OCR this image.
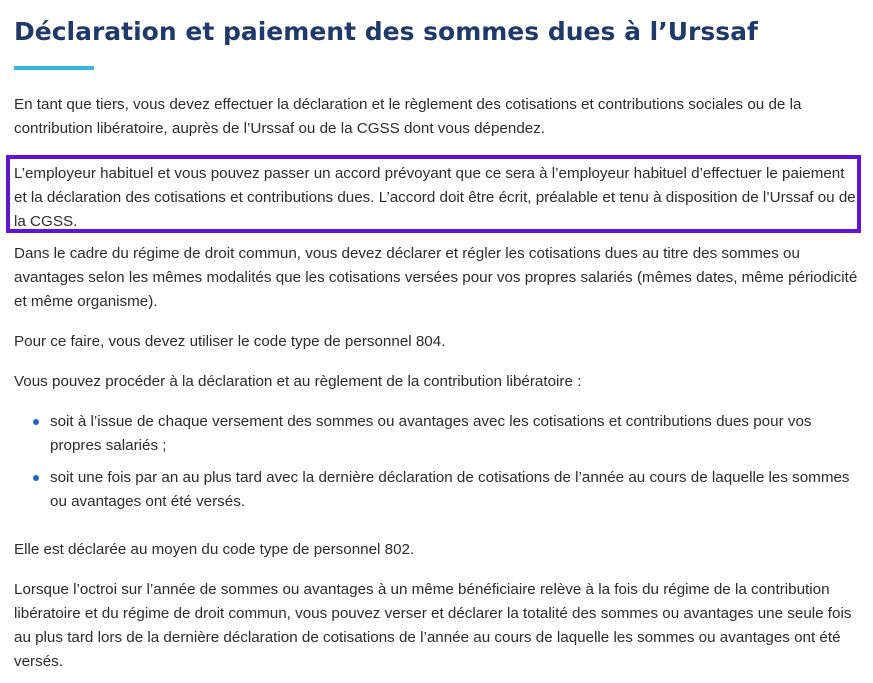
Déclaration et paiement des sommes dues à l’Urssaf

En tant que tiers, vous devez effectuer la déclaration et le règlement des cotisations et contributions sociales ou de la contribution libératoire, auprès de l’Urssaf ou de la CGSS dont vous dépendez.

L’employeur habituel et vous pouvez passer un accord prévoyant que ce sera à l’employeur habituel d’effectuer le paiement et la déclaration des cotisations et contributions dues. L’accord doit être écrit, préalable et tenu à disposition de l’Urssaf ou de la CGSS.

Dans le cadre du régime de droit commun, vous devez déclarer et régler les cotisations dues au titre des sommes ou avantages selon les mêmes modalités que les cotisations versées pour vos propres salariés (mêmes dates, même périodicité et même organisme).

Pour ce faire, vous devez utiliser le code type de personnel 804.

Vous pouvez procéder à la déclaration et au règlement de la contribution libératoire :

soit à l’issue de chaque versement des sommes ou avantages avec les cotisations et contributions dues pour vos propres salariés ;
soit une fois par an au plus tard avec la dernière déclaration de cotisations de l’année au cours de laquelle les sommes ou avantages ont été versés.

Elle est déclarée au moyen du code type de personnel 802.

Lorsque l’octroi sur l’année de sommes ou avantages à un même bénéficiaire relève à la fois du régime de la contribution libératoire et du régime de droit commun, vous pouvez verser et déclarer la totalité des sommes ou avantages une seule fois au plus tard lors de la dernière déclaration de cotisations de l’année au cours de laquelle les sommes ou avantages ont été versés.
